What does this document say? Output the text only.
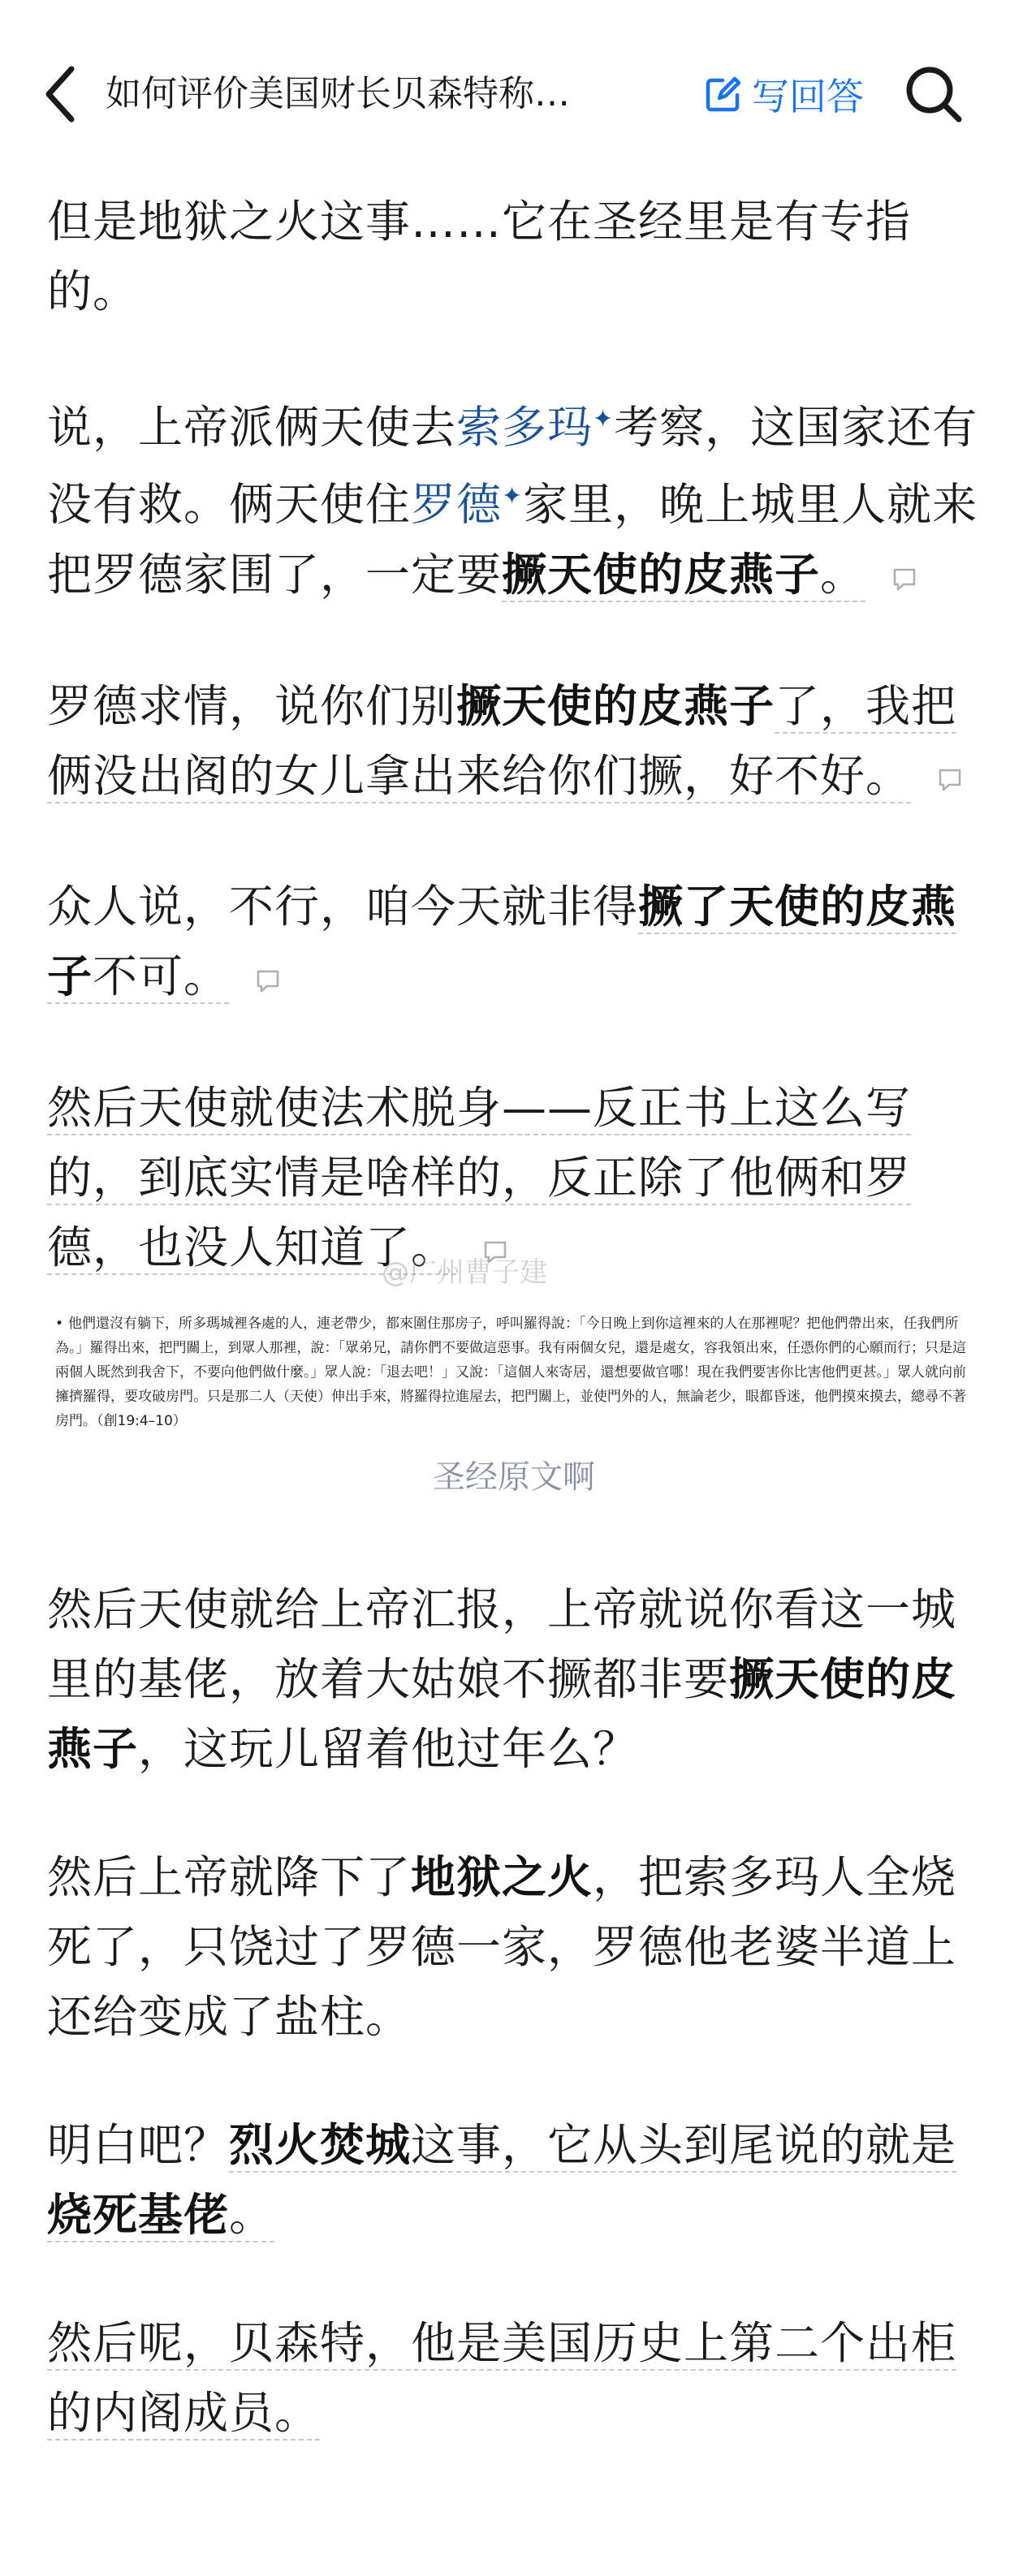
如何评价美国财长贝森特称…	写回答

但是地狱之火这事……它在圣经里是有专指的。

说，上帝派俩天使去索多玛✦考察，这国家还有没有救。俩天使住罗德✦家里，晚上城里人就来把罗德家围了，一定要撅天使的皮燕子。

罗德求情，说你们别撅天使的皮燕子了，我把俩没出阁的女儿拿出来给你们撅，好不好。

众人说，不行，咱今天就非得撅了天使的皮燕子不可。

然后天使就使法术脱身——反正书上这么写的，到底实情是啥样的，反正除了他俩和罗德，也没人知道了。

• 他們還沒有躺下，所多瑪城裡各處的人，連老帶少，都來圍住那房子，呼叫羅得說：「今日晚上到你這裡來的人在那裡呢？把他們帶出來，任我們所為。」羅得出來，把門關上，到眾人那裡，說：「眾弟兄，請你們不要做這惡事。我有兩個女兒，還是處女，容我領出來，任憑你們的心願而行；只是這兩個人既然到我舍下，不要向他們做什麼。」眾人說：「退去吧！」又說：「這個人來寄居，還想要做官哪！現在我們要害你比害他們更甚。」眾人就向前擁擠羅得，要攻破房門。只是那二人（天使）伸出手來，將羅得拉進屋去，把門關上，並使門外的人，無論老少，眼都昏迷，他們摸來摸去，總尋不著房門。（創19:4–10）
圣经原文啊

然后天使就给上帝汇报，上帝就说你看这一城里的基佬，放着大姑娘不撅都非要撅天使的皮燕子，这玩儿留着他过年么？

然后上帝就降下了地狱之火，把索多玛人全烧死了，只饶过了罗德一家，罗德他老婆半道上还给变成了盐柱。

明白吧？烈火焚城这事，它从头到尾说的就是烧死基佬。

然后呢，贝森特，他是美国历史上第二个出柜的内阁成员。

@广州曹子建
